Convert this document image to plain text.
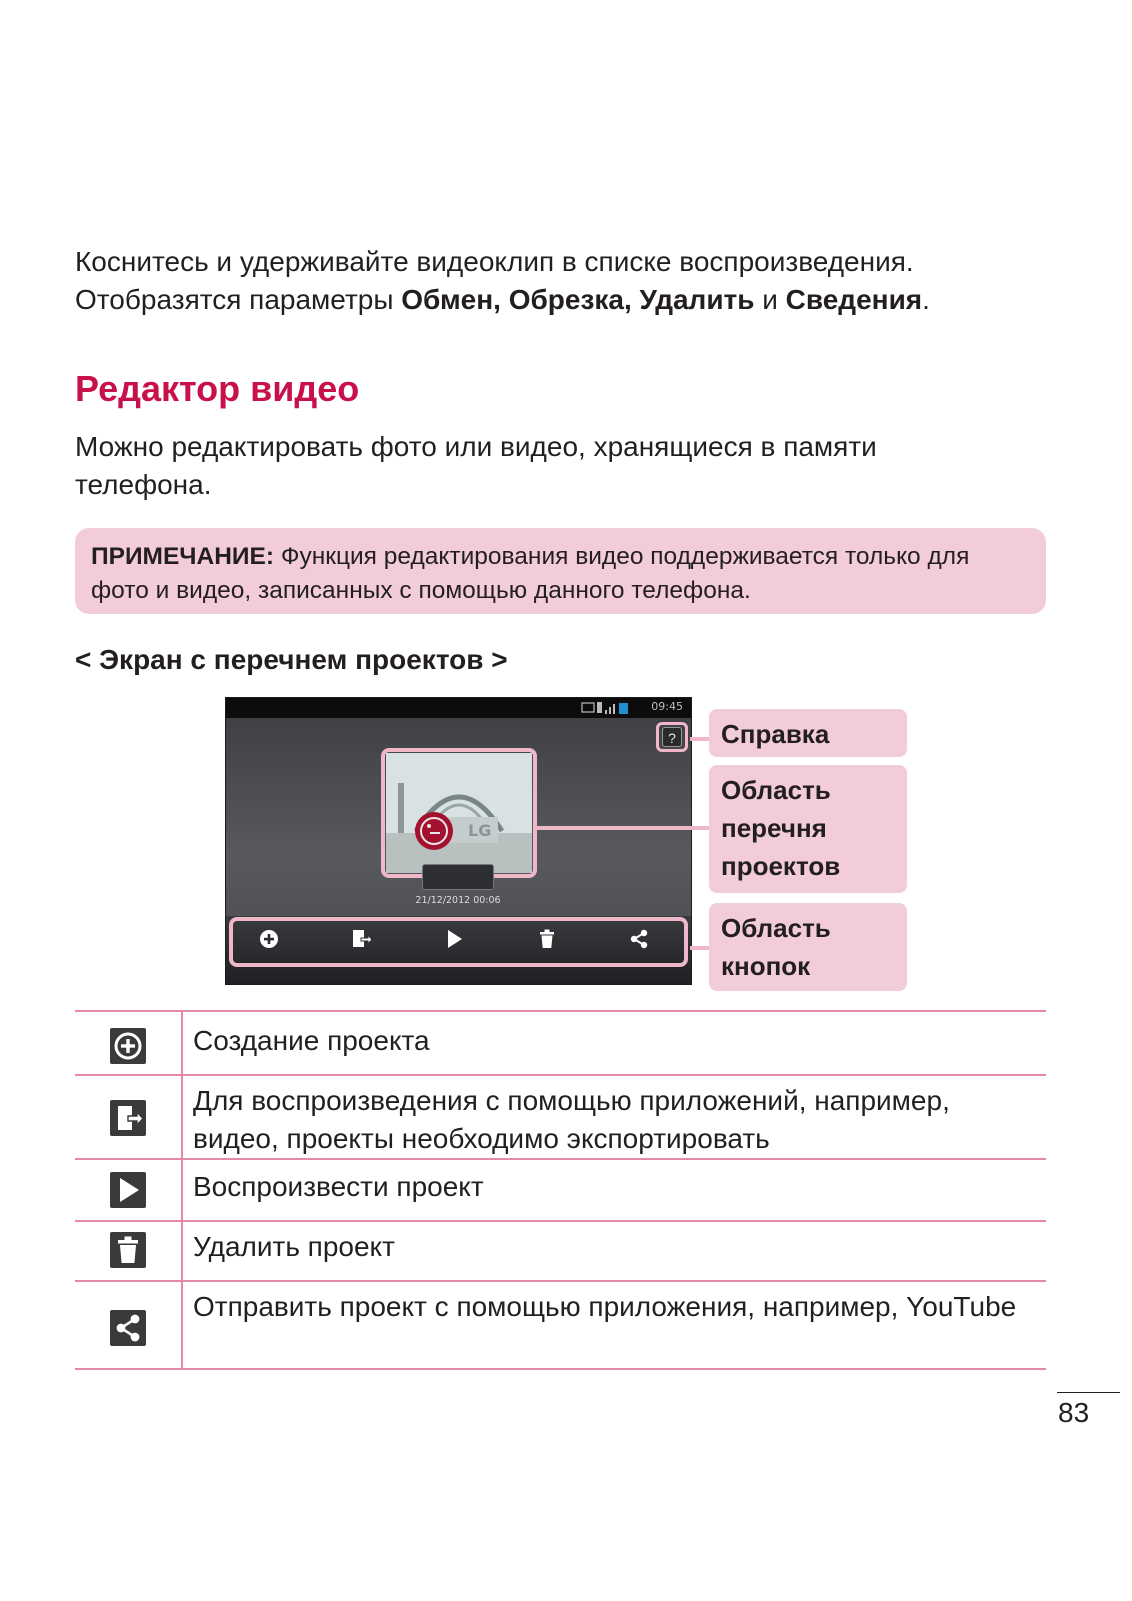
Коснитесь и удерживайте видеоклип в списке воспроизведения.
Отобразятся параметры Обмен, Обрезка, Удалить и Сведения.
Редактор видео
Можно редактировать фото или видео, хранящиеся в памяти телефона.
ПРИМЕЧАНИЕ: Функция редактирования видео поддерживается только для фото и видео, записанных с помощью данного телефона.
< Экран с перечнем проектов >
09:45
?
LG
21/12/2012 00:06
Справка
Область перечня проектов
Область кнопок
Создание проекта
Для воспроизведения с помощью приложений, например, видео, проекты необходимо экспортировать
Воспроизвести проект
Удалить проект
Отправить проект с помощью приложения, например, YouTube
83
